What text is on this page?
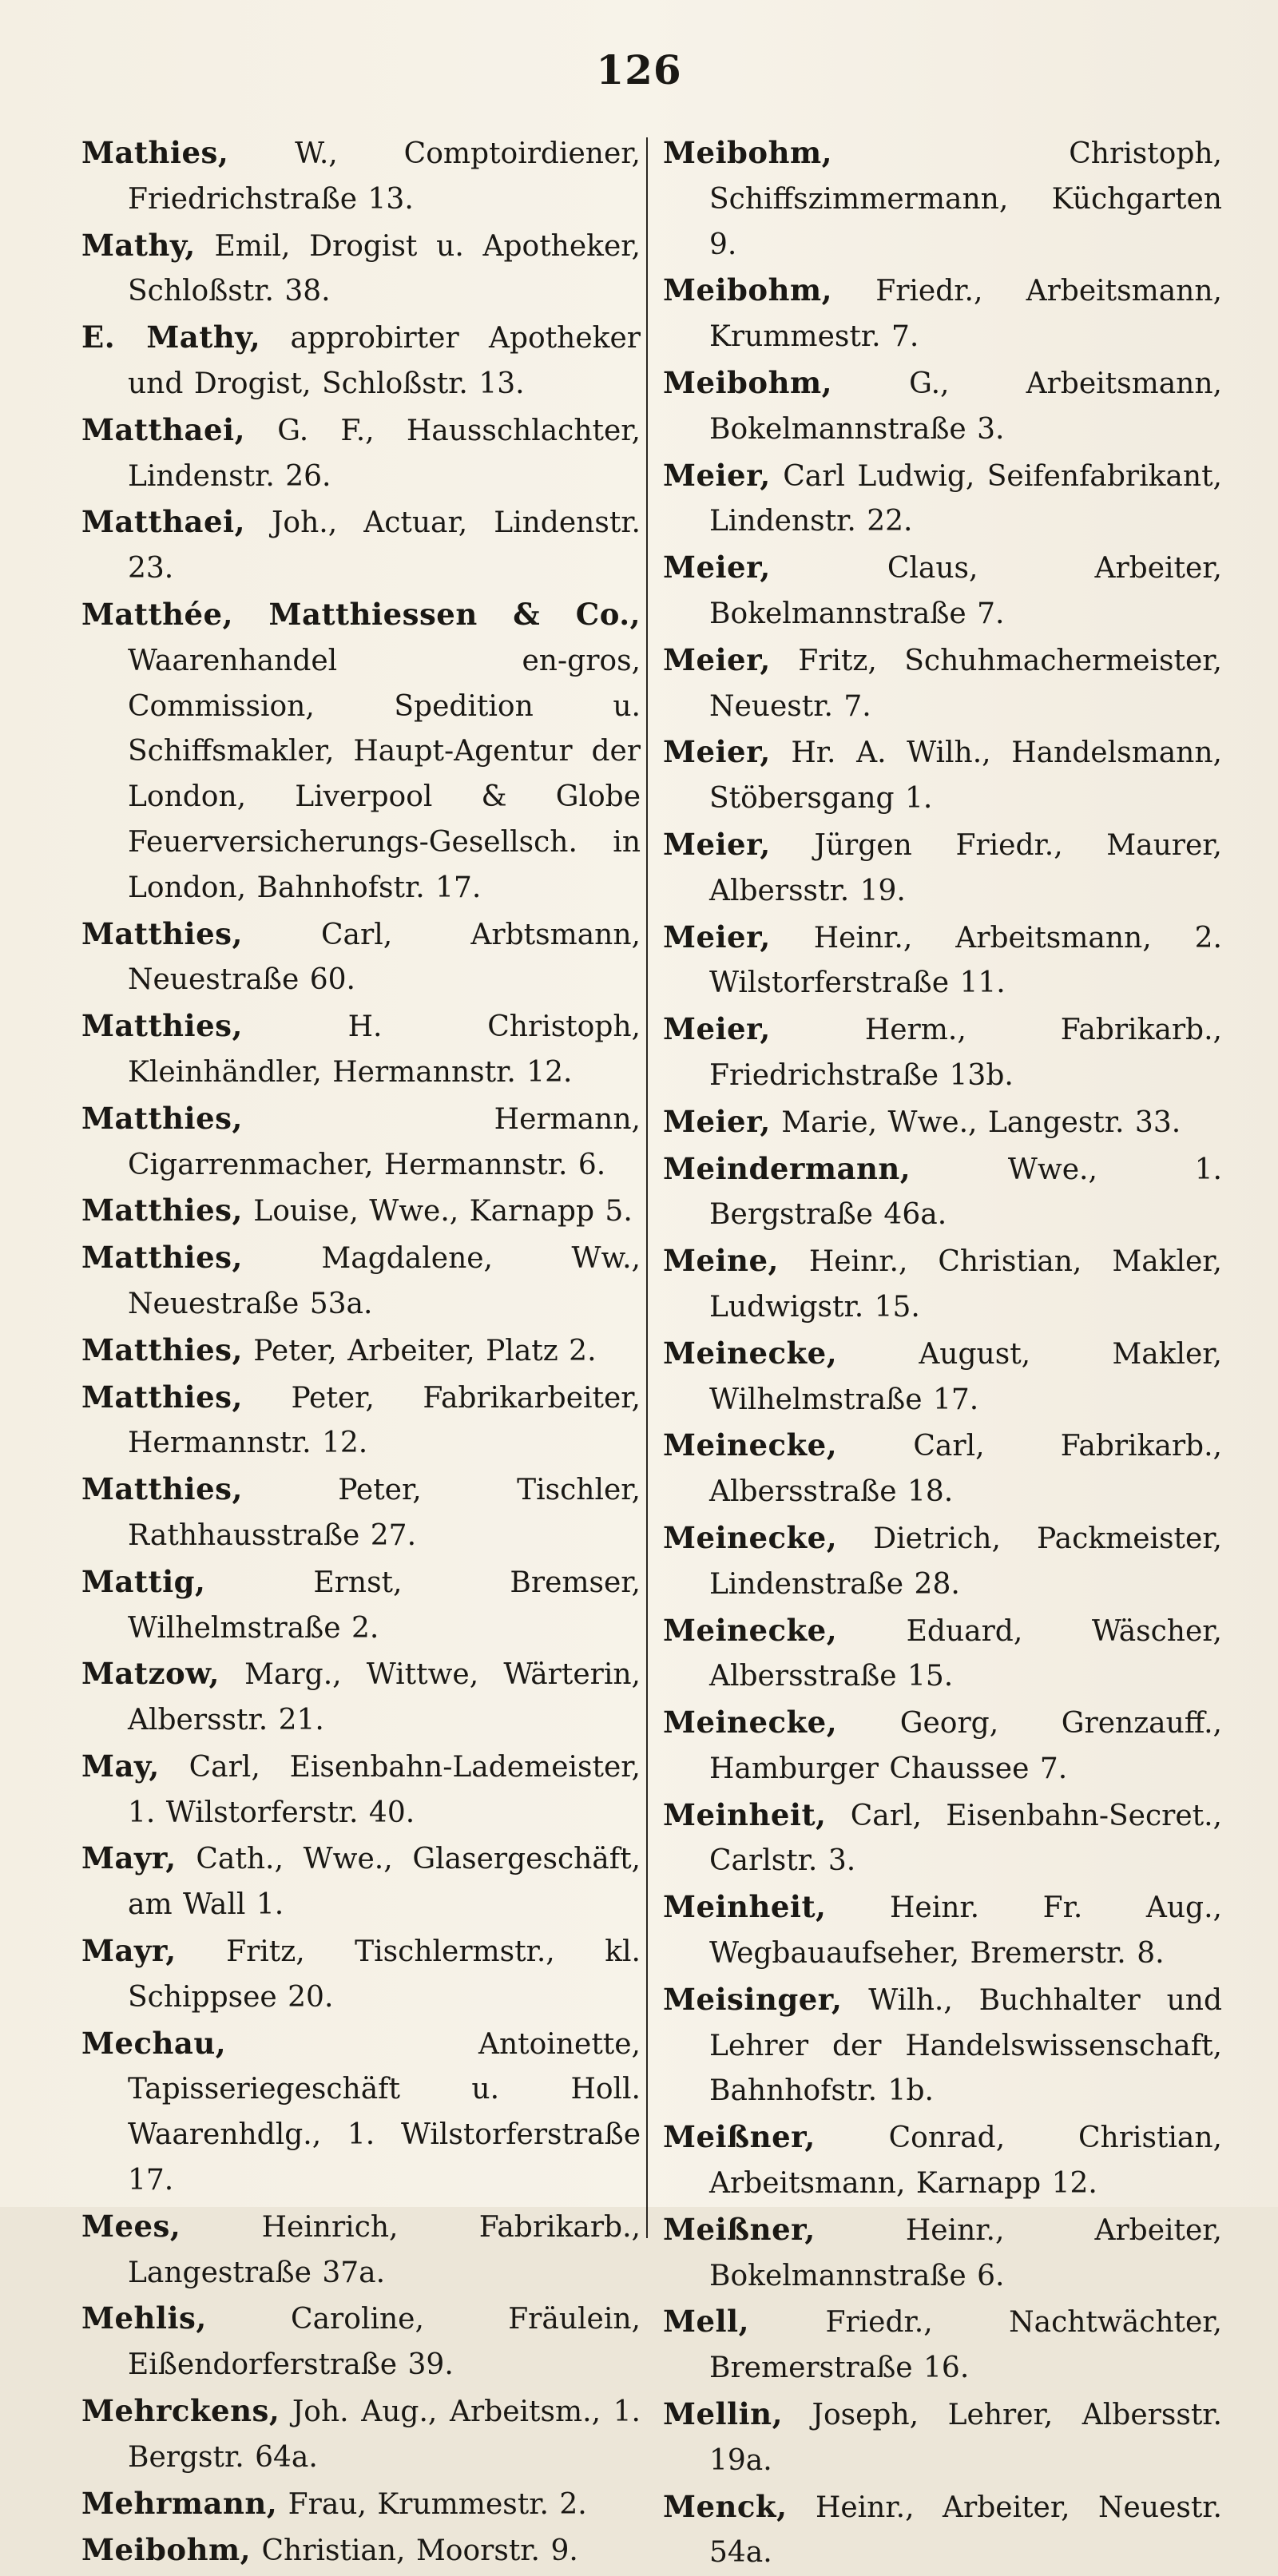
126

Mathies, W., Comptoirdiener, Friedrichstraße 13.

Mathy, Emil, Drogist u. Apotheker, Schloßstr. 38.

E. Mathy, approbirter Apotheker und Drogist, Schloßstr. 13.

Matthaei, G. F., Hausschlachter, Lindenstr. 26.

Matthaei, Joh., Actuar, Lindenstr. 23.

Matthée, Matthiessen & Co., Waarenhandel en-gros, Commission, Spedition u. Schiffsmakler, Haupt-Agentur der London, Liverpool & Globe Feuerversicherungs-Gesellsch. in London, Bahnhofstr. 17.

Matthies,	Carl, Arbtsmann, Neuestraße 60.

Matthies,	H. Christoph, Kleinhändler, Hermannstr. 12.

Matthies,	Hermann, Cigarrenmacher, Hermannstr. 6.

Matthies, Louise, Wwe., Karnapp 5.

Matthies,	Magdalene, Ww., Neuestraße 53a.

Matthies, Peter, Arbeiter, Platz 2.

Matthies, Peter, Fabrikarbeiter, Hermannstr. 12.

Matthies,	Peter, Tischler, Rathhausstraße 27.

Mattig,	Ernst, Bremser, Wilhelmstraße 2.

Matzow, Marg., Wittwe, Wärterin, Albersstr. 21.

May, Carl, Eisenbahn-Lademeister, 1. Wilstorferstr. 40.

Mayr, Cath., Wwe., Glasergeschäft, am Wall 1.

Mayr, Fritz, Tischlermstr., kl. Schippsee 20.

Mechau,	Antoinette, Tapisseriegeschäft u. Holl. Waarenhdlg., 1. Wilstorferstraße 17.

Mees,	Heinrich, Fabrikarb., Langestraße 37a.

Mehlis,	Caroline, Fräulein, Eißendorferstraße 39.

Mehrckens, Joh. Aug., Arbeitsm., 1. Bergstr. 64a.

Mehrmann, Frau, Krummestr. 2.

Meibohm, Christian, Moorstr. 9.

Meibohm,	Christoph, Schiffszimmermann, Küchgarten 9.

Meibohm, Friedr., Arbeitsmann, Krummestr. 7.

Meibohm,	G., Arbeitsmann, Bokelmannstraße 3.

Meier, Carl Ludwig, Seifenfabrikant, Lindenstr. 22.

Meier,	Claus, Arbeiter, Bokelmannstraße 7.

Meier, Fritz, Schuhmachermeister, Neuestr. 7.

Meier, Hr. A. Wilh., Handelsmann, Stöbersgang 1.

Meier, Jürgen Friedr., Maurer, Albersstr. 19.

Meier, Heinr., Arbeitsmann, 2. Wilstorferstraße 11.

Meier,	Herm., Fabrikarb., Friedrichstraße 13b.

Meier, Marie, Wwe., Langestr. 33.

Meindermann,	Wwe., 1. Bergstraße 46a.

Meine, Heinr., Christian, Makler, Ludwigstr. 15.

Meinecke,	August, Makler, Wilhelmstraße 17.

Meinecke,	Carl, Fabrikarb., Albersstraße 18.

Meinecke, Dietrich, Packmeister, Lindenstraße 28.

Meinecke, Eduard, Wäscher, Albersstraße 15.

Meinecke, Georg, Grenzauff., Hamburger Chaussee 7.

Meinheit, Carl, Eisenbahn-Secret., Carlstr. 3.

Meinheit, Heinr. Fr. Aug., Wegbauaufseher, Bremerstr. 8.

Meisinger, Wilh., Buchhalter und Lehrer der Handelswissenschaft, Bahnhofstr. 1b.

Meißner,	Conrad, Christian, Arbeitsmann, Karnapp 12.

Meißner,	Heinr., Arbeiter, Bokelmannstraße 6.

Mell,	Friedr., Nachtwächter, Bremerstraße 16.

Mellin, Joseph, Lehrer, Albersstr. 19a.

Menck, Heinr., Arbeiter, Neuestr. 54a.
